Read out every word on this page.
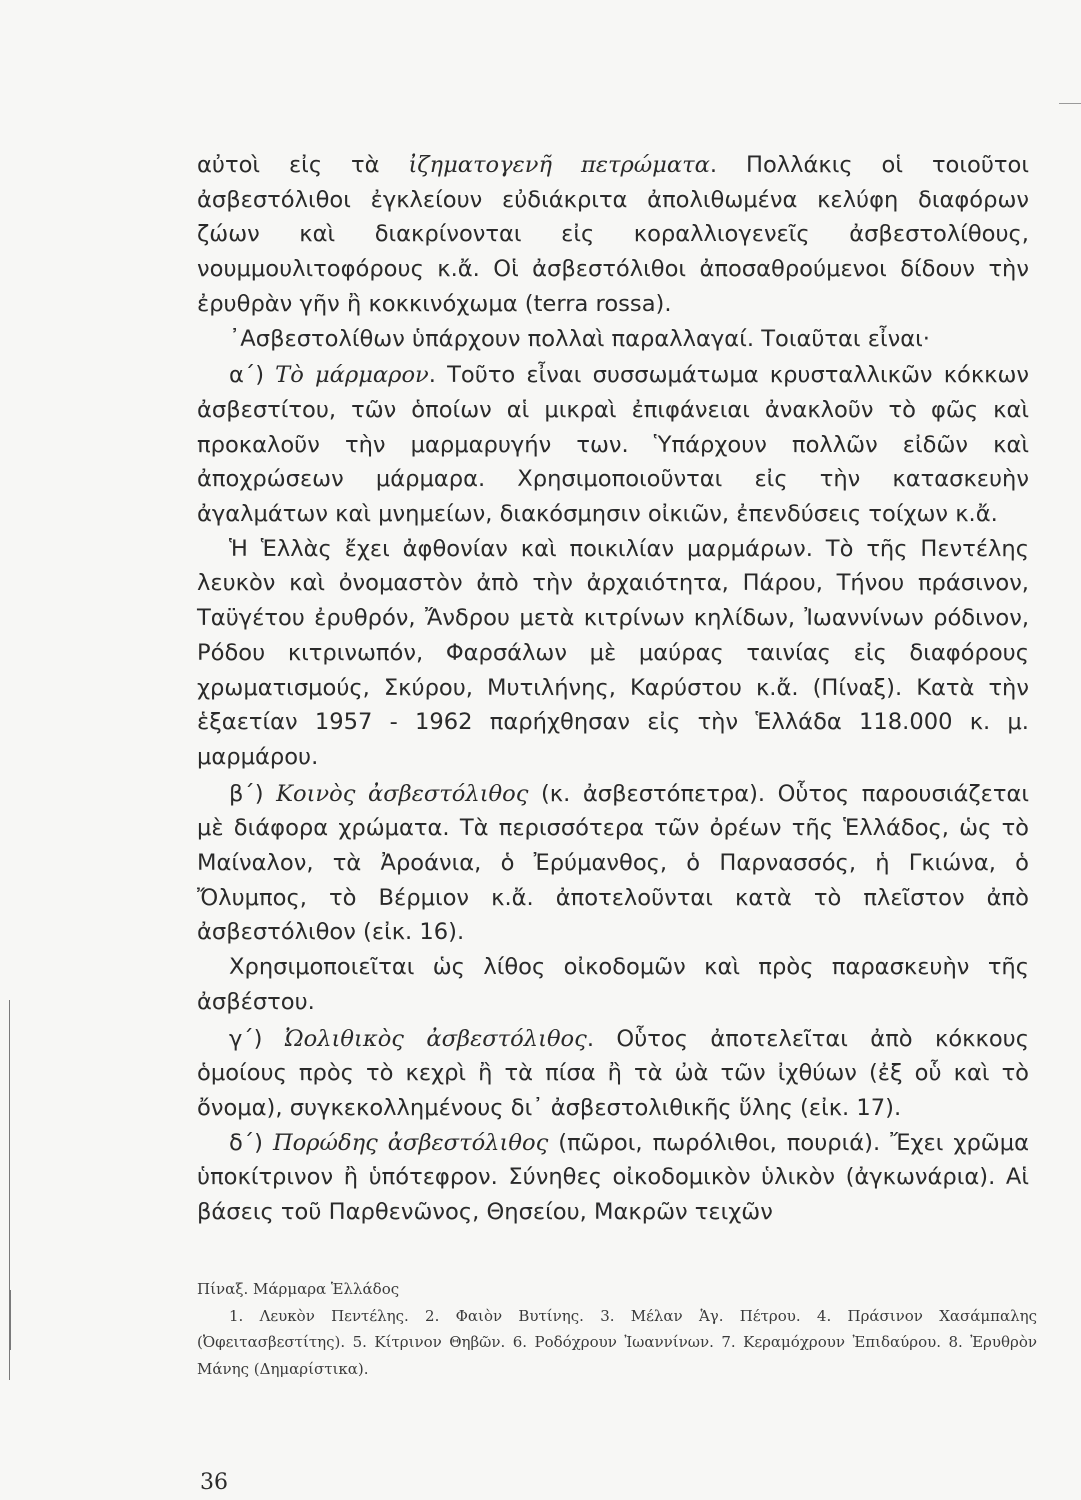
αὐτοὶ εἰς τὰ ἰζηματογενῆ πετρώματα. Πολλάκις οἱ τοιοῦτοι ἀσβεστόλιθοι ἐγκλείουν εὐδιάκριτα ἀπολιθωμένα κελύφη διαφόρων ζώων καὶ διακρίνονται εἰς κοραλλιογενεῖς ἀσβεστολίθους, νουμμουλιτοφόρους κ.ἄ. Οἱ ἀσβεστόλιθοι ἀποσαθρούμενοι δίδουν τὴν ἐρυθρὰν γῆν ἢ κοκκινόχωμα (terra rossa).

᾿Ασβεστολίθων ὑπάρχουν πολλαὶ παραλλαγαί. Τοιαῦται εἶναι·

α΄) Τὸ μάρμαρον. Τοῦτο εἶναι συσσωμάτωμα κρυσταλλικῶν κόκκων ἀσβεστίτου, τῶν ὁποίων αἱ μικραὶ ἐπιφάνειαι ἀνακλοῦν τὸ φῶς καὶ προκαλοῦν τὴν μαρμαρυγήν των. Ὑπάρχουν πολλῶν εἰδῶν καὶ ἀποχρώσεων μάρμαρα. Χρησιμοποιοῦνται εἰς τὴν κατασκευὴν ἀγαλμάτων καὶ μνημείων, διακόσμησιν οἰκιῶν, ἐπενδύσεις τοίχων κ.ἄ.

Ἡ Ἑλλὰς ἔχει ἀφθονίαν καὶ ποικιλίαν μαρμάρων. Τὸ τῆς Πεντέλης λευκὸν καὶ ὀνομαστὸν ἀπὸ τὴν ἀρχαιότητα, Πάρου, Τήνου πράσινον, Ταϋγέτου ἐρυθρόν, Ἄνδρου μετὰ κιτρίνων κηλίδων, Ἰωαννίνων ρόδινον, Ρόδου κιτρινωπόν, Φαρσάλων μὲ μαύρας ταινίας εἰς διαφόρους χρωματισμούς, Σκύρου, Μυτιλήνης, Καρύστου κ.ἄ. (Πίναξ). Κατὰ τὴν ἑξαετίαν 1957 - 1962 παρήχθησαν εἰς τὴν Ἑλλάδα 118.000 κ. μ. μαρμάρου.

β΄) Κοινὸς ἀσβεστόλιθος (κ. ἀσβεστόπετρα). Οὗτος παρουσιάζεται μὲ διάφορα χρώματα. Τὰ περισσότερα τῶν ὀρέων τῆς Ἑλλάδος, ὡς τὸ Μαίναλον, τὰ Ἀροάνια, ὁ Ἐρύμανθος, ὁ Παρνασσός, ἡ Γκιώνα, ὁ Ὄλυμπος, τὸ Βέρμιον κ.ἄ. ἀποτελοῦνται κατὰ τὸ πλεῖστον ἀπὸ ἀσβεστόλιθον (εἰκ. 16).

Χρησιμοποιεῖται ὡς λίθος οἰκοδομῶν καὶ πρὸς παρασκευὴν τῆς ἀσβέστου.

γ΄) Ὠολιθικὸς ἀσβεστόλιθος. Οὗτος ἀποτελεῖται ἀπὸ κόκκους ὁμοίους πρὸς τὸ κεχρὶ ἢ τὰ πίσα ἢ τὰ ὠὰ τῶν ἰχθύων (ἐξ οὗ καὶ τὸ ὄνομα), συγκεκολλημένους δι᾿ ἀσβεστολιθικῆς ὕλης (εἰκ. 17).

δ΄) Πορώδης ἀσβεστόλιθος (πῶροι, πωρόλιθοι, πουριά). Ἔχει χρῶμα ὑποκίτρινον ἢ ὑπότεφρον. Σύνηθες οἰκοδομικὸν ὑλικὸν (ἀγκωνάρια). Αἱ βάσεις τοῦ Παρθενῶνος, Θησείου, Μακρῶν τειχῶν

Πίναξ. Μάρμαρα Ἑλλάδος

1. Λευκὸν Πεντέλης. 2. Φαιὸν Βυτίνης. 3. Μέλαν Ἁγ. Πέτρου. 4. Πράσινον Χασάμπαλης (Ὀφειτασβεστίτης). 5. Κίτρινον Θηβῶν. 6. Ροδόχρουν Ἰωαννίνων. 7. Κεραμόχρουν Ἐπιδαύρου. 8. Ἐρυθρὸν Μάνης (Δημαρίστικα).

36
